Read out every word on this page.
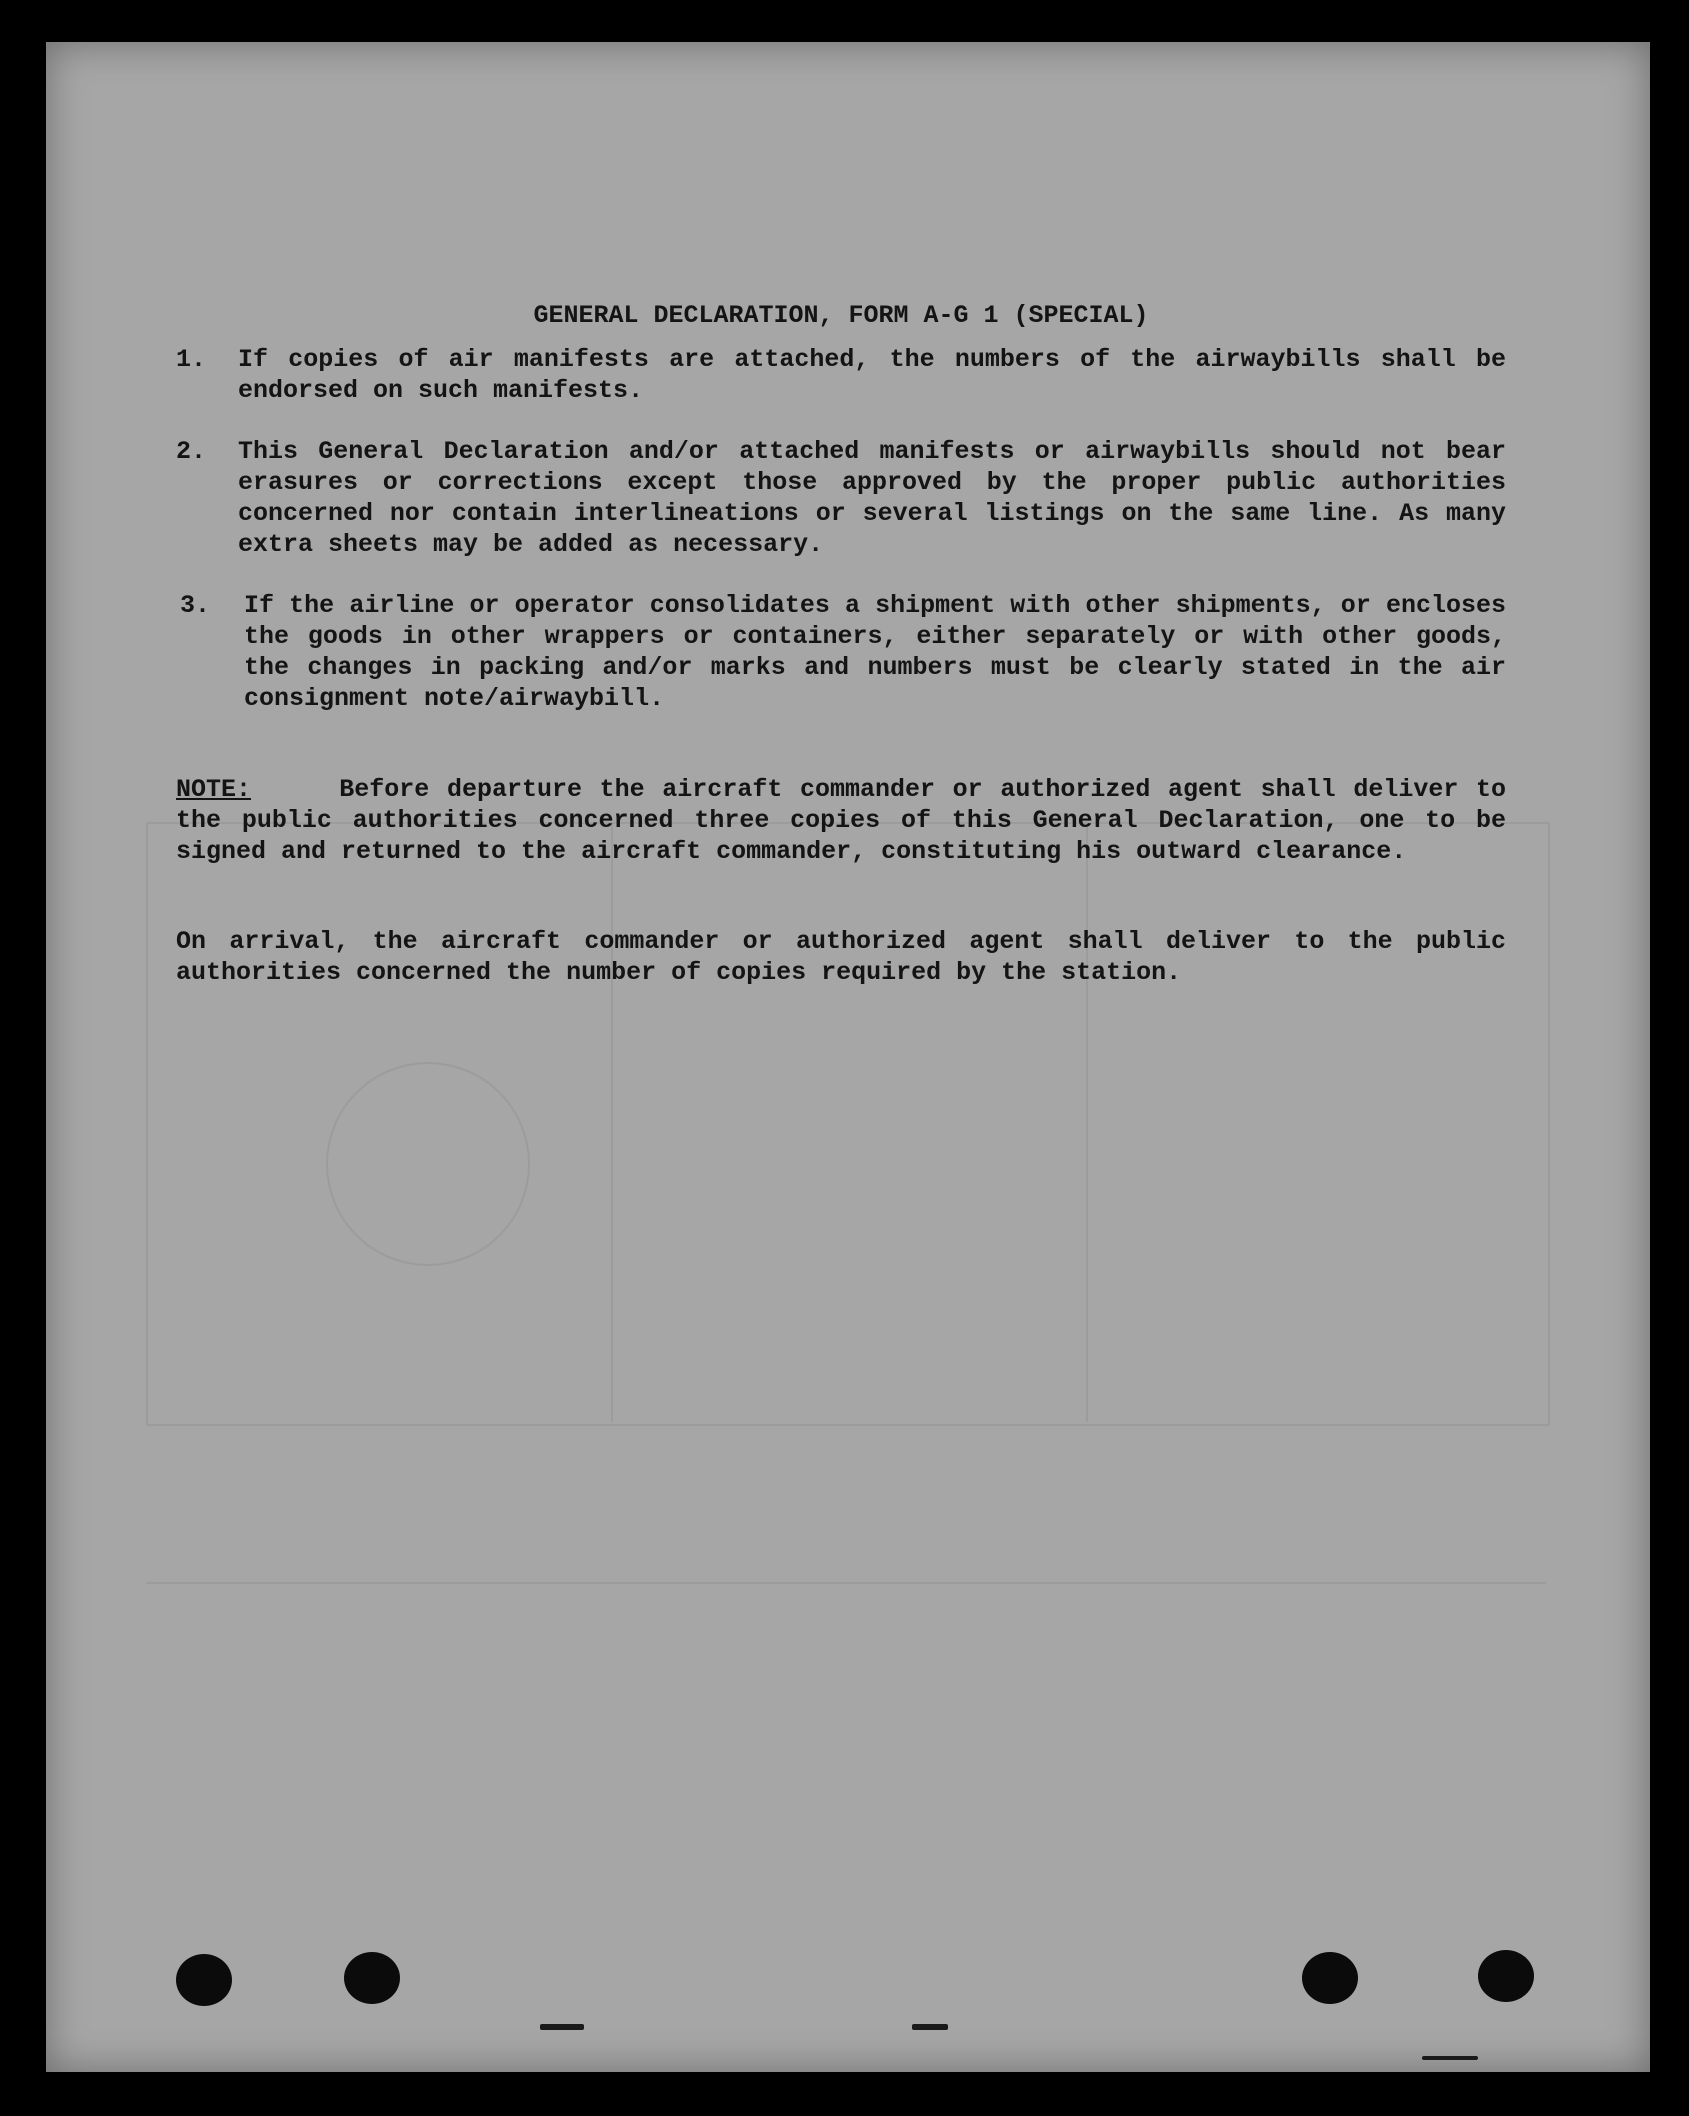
GENERAL DECLARATION, FORM A-G 1 (SPECIAL)
1.	If copies of air manifests are attached, the numbers of the airwaybills shall be endorsed on such manifests.

2.	This General Declaration and/or attached manifests or airwaybills should not bear erasures or corrections except those approved by the proper public authorities concerned nor contain interlineations or several listings on the same line. As many extra sheets may be added as necessary.

3.	If the airline or operator consolidates a shipment with other shipments, or encloses the goods in other wrappers or containers, either separately or with other goods, the changes in packing and/or marks and numbers must be clearly stated in the air consignment note/airwaybill.

NOTE:	Before departure the aircraft commander or authorized agent shall deliver to the public authorities concerned three copies of this General Declaration, one to be signed and returned to the aircraft commander, constituting his outward clearance.

On arrival, the aircraft commander or authorized agent shall deliver to the public authorities concerned the number of copies required by the station.
